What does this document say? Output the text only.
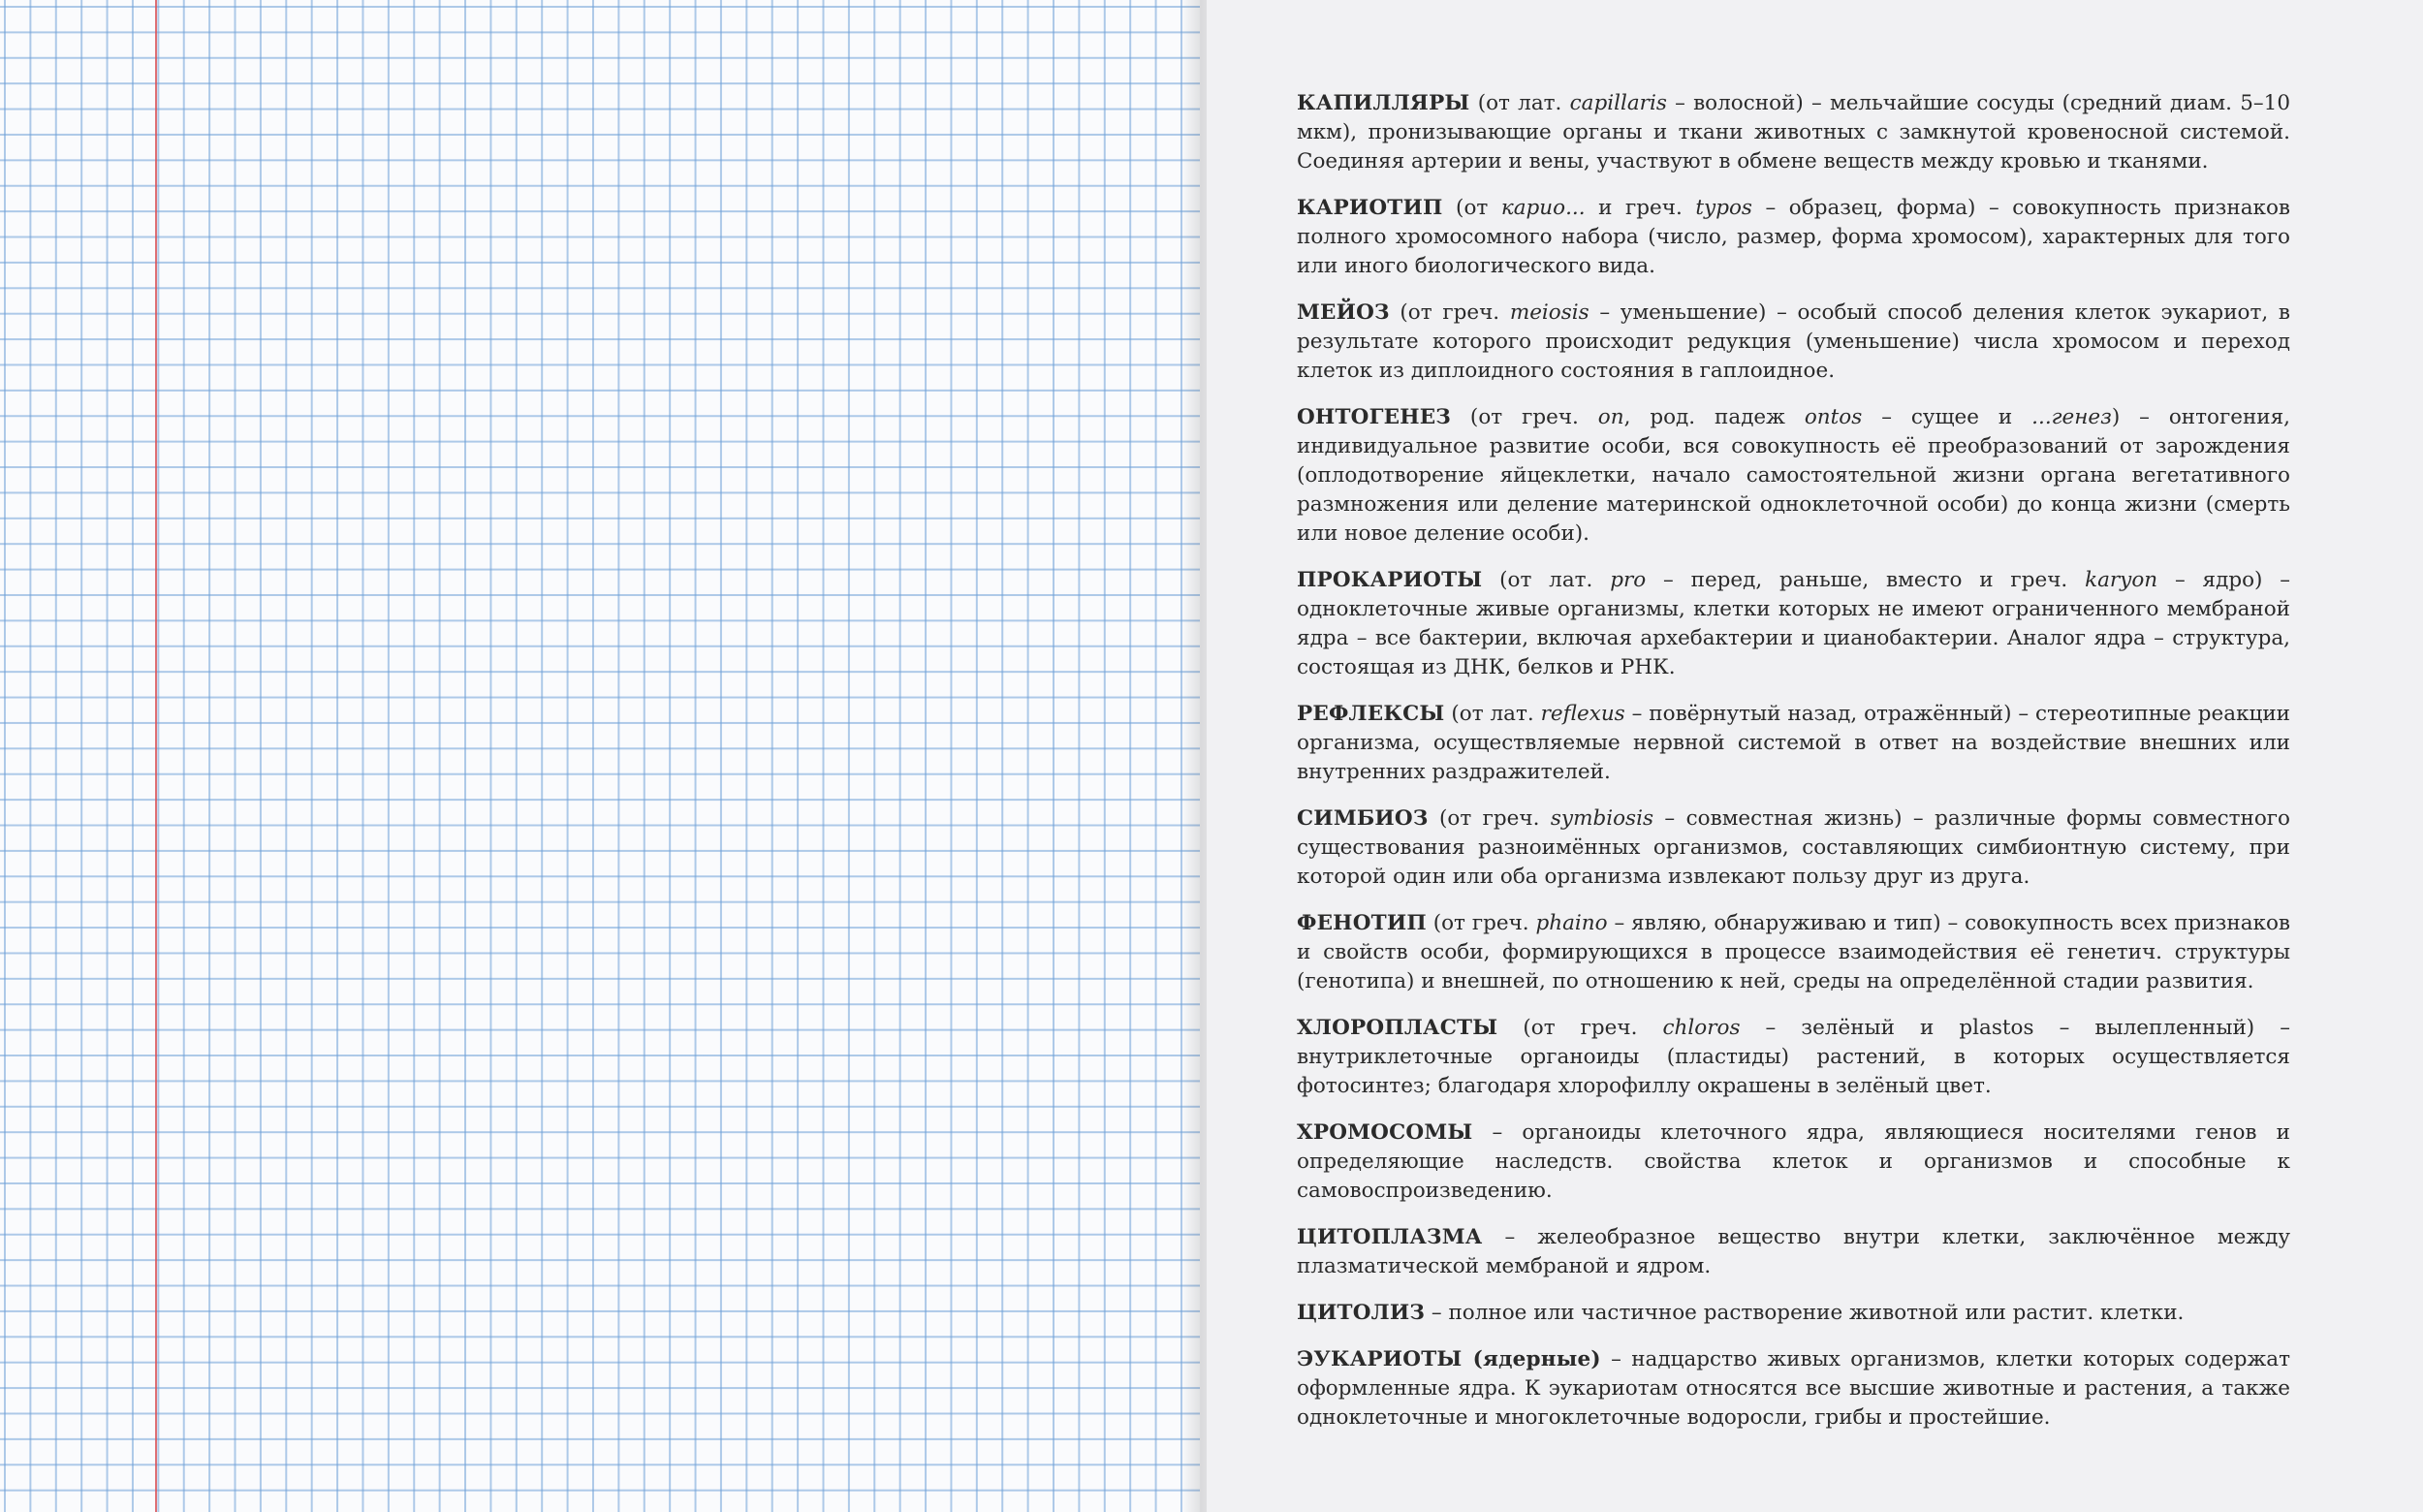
КАПИЛЛЯРЫ (от лат. capillaris – волосной) – мельчайшие сосуды (средний диам. 5–10 мкм), пронизывающие органы и ткани животных с замкнутой кровеносной системой. Соединяя артерии и вены, участвуют в обмене веществ между кровью и тканями.

КАРИОТИП (от карио... и греч. typos – образец, форма) – совокупность признаков полного хромосомного набора (число, размер, форма хромосом), характерных для того или иного биологического вида.

МЕЙОЗ (от греч. meiosis – уменьшение) – особый способ деления клеток эукариот, в результате которого происходит редукция (уменьшение) числа хромосом и переход клеток из диплоидного состояния в гаплоидное.

ОНТОГЕНЕЗ (от греч. on, род. падеж ontos – сущее и ...генез) – онтогения, индивидуальное развитие особи, вся совокупность её преобразований от зарождения (оплодотворение яйцеклетки, начало самостоятельной жизни органа вегетативного размножения или деление материнской одноклеточной особи) до конца жизни (смерть или новое деление особи).

ПРОКАРИОТЫ (от лат. pro – перед, раньше, вместо и греч. karyon – ядро) – одноклеточные живые организмы, клетки которых не имеют ограниченного мембраной ядра – все бактерии, включая архебактерии и цианобактерии. Аналог ядра – структура, состоящая из ДНК, белков и РНК.

РЕФЛЕКСЫ (от лат. reflexus – повёрнутый назад, отражённый) – стереотипные реакции организма, осуществляемые нервной системой в ответ на воздействие внешних или внутренних раздражителей.

СИМБИОЗ (от греч. symbiosis – совместная жизнь) – различные формы совместного существования разноимённых организмов, составляющих симбионтную систему, при которой один или оба организма извлекают пользу друг из друга.

ФЕНОТИП (от греч. phaino – являю, обнаруживаю и тип) – совокупность всех признаков и свойств особи, формирующихся в процессе взаимодействия её генетич. структуры (генотипа) и внешней, по отношению к ней, среды на определённой стадии развития.

ХЛОРОПЛАСТЫ (от греч. chloros – зелёный и plastos – вылепленный) – внутриклеточные органоиды (пластиды) растений, в которых осуществляется фотосинтез; благодаря хлорофиллу окрашены в зелёный цвет.

ХРОМОСОМЫ – органоиды клеточного ядра, являющиеся носителями генов и определяющие наследств. свойства клеток и организмов и способные к самовоспроизведению.

ЦИТОПЛАЗМА – желеобразное вещество внутри клетки, заключённое между плазматической мембраной и ядром.

ЦИТОЛИЗ – полное или частичное растворение животной или растит. клетки.

ЭУКАРИОТЫ (ядерные) – надцарство живых организмов, клетки которых содержат оформленные ядра. К эукариотам относятся все высшие животные и растения, а также одноклеточные и многоклеточные водоросли, грибы и простейшие.
